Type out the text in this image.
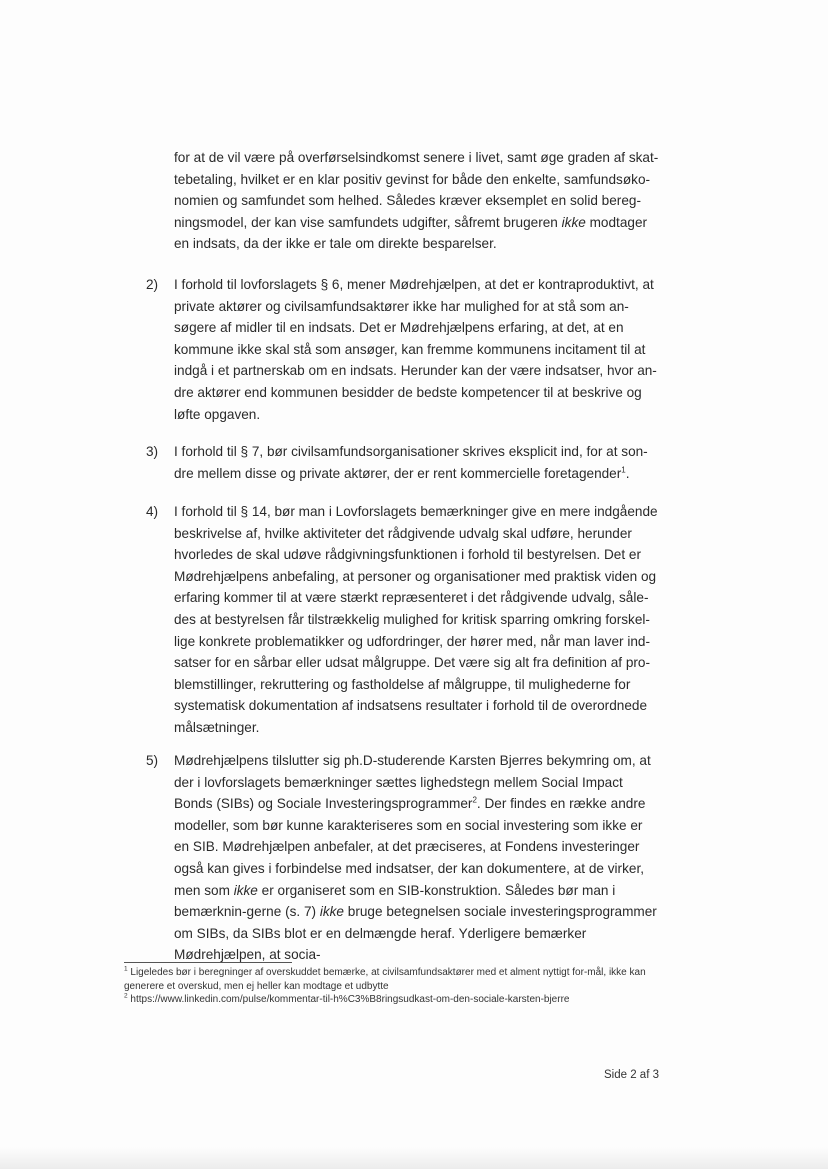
for at de vil være på overførselsindkomst senere i livet, samt øge graden af skat-tebetaling, hvilket er en klar positiv gevinst for både den enkelte, samfundsøko-nomien og samfundet som helhed. Således kræver eksemplet en solid bereg-ningsmodel, der kan vise samfundets udgifter, såfremt brugeren ikke modtager en indsats, da der ikke er tale om direkte besparelser.
2)	I forhold til lovforslagets § 6, mener Mødrehjælpen, at det er kontraproduktivt, at private aktører og civilsamfundsaktører ikke har mulighed for at stå som an-søgere af midler til en indsats. Det er Mødrehjælpens erfaring, at det, at en kommune ikke skal stå som ansøger, kan fremme kommunens incitament til at indgå i et partnerskab om en indsats. Herunder kan der være indsatser, hvor an-dre aktører end kommunen besidder de bedste kompetencer til at beskrive og løfte opgaven.
3)	I forhold til § 7, bør civilsamfundsorganisationer skrives eksplicit ind, for at son-dre mellem disse og private aktører, der er rent kommercielle foretagender$^1$.
4)	I forhold til § 14, bør man i Lovforslagets bemærkninger give en mere indgående beskrivelse af, hvilke aktiviteter det rådgivende udvalg skal udføre, herunder hvorledes de skal udøve rådgivningsfunktionen i forhold til bestyrelsen. Det er Mødrehjælpens anbefaling, at personer og organisationer med praktisk viden og erfaring kommer til at være stærkt repræsenteret i det rådgivende udvalg, såle-des at bestyrelsen får tilstrækkelig mulighed for kritisk sparring omkring forskel-lige konkrete problematikker og udfordringer, der hører med, når man laver ind-satser for en sårbar eller udsat målgruppe. Det være sig alt fra definition af pro-blemstillinger, rekruttering og fastholdelse af målgruppe, til mulighederne for systematisk dokumentation af indsatsens resultater i forhold til de overordnede målsætninger.
5)	Mødrehjælpens tilslutter sig ph.D-studerende Karsten Bjerres bekymring om, at der i lovforslagets bemærkninger sættes lighedstegn mellem Social Impact Bonds (SIBs) og Sociale Investeringsprogrammer$^2$. Der findes en række andre modeller, som bør kunne karakteriseres som en social investering som ikke er en SIB. Mødrehjælpen anbefaler, at det præciseres, at Fondens investeringer også kan gives i forbindelse med indsatser, der kan dokumentere, at de virker, men som ikke er organiseret som en SIB-konstruktion. Således bør man i bemærknin-gerne (s. 7) ikke bruge betegnelsen sociale investeringsprogrammer om SIBs, da SIBs blot er en delmængde heraf. Yderligere bemærker Mødrehjælpen, at socia-
$^1$ Ligeledes bør i beregninger af overskuddet bemærke, at civilsamfundsaktører med et alment nyttigt for-mål, ikke kan generere et overskud, men ej heller kan modtage et udbytte
$^2$ https://www.linkedin.com/pulse/kommentar-til-h%C3%B8ringsudkast-om-den-sociale-karsten-bjerre
Side 2 af 3
